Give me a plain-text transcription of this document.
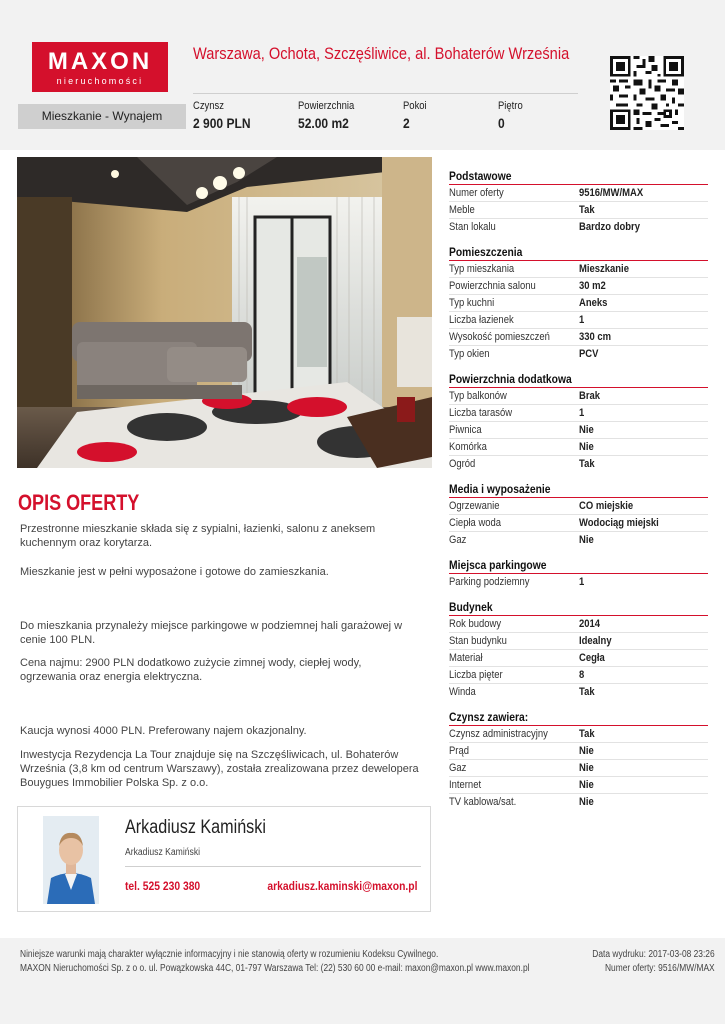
MAXON
nieruchomości
Warszawa, Ochota, Szczęśliwice, al. Bohaterów Września
Mieszkanie - Wynajem
Czynsz
2 900 PLN
Powierzchnia
52.00 m2
Pokoi
2
Piętro
0
OPIS OFERTY
Przestronne mieszkanie składa się z sypialni, łazienki, salonu z aneksem kuchennym oraz korytarza.
Mieszkanie jest w pełni wyposażone i gotowe do zamieszkania.
Do mieszkania przynależy miejsce parkingowe w podziemnej hali garażowej w cenie 100 PLN.
Cena najmu: 2900 PLN dodatkowo zużycie zimnej wody, ciepłej wody, ogrzewania oraz energia elektryczna.
Kaucja wynosi 4000 PLN. Preferowany najem okazjonalny.
Inwestycja Rezydencja La Tour znajduje się na Szczęśliwicach, ul. Bohaterów Września (3,8 km od centrum Warszawy), została zrealizowana przez dewelopera Bouygues Immobilier Polska Sp. z o.o.
Arkadiusz Kamiński
Arkadiusz Kamiński
tel. 525 230 380	arkadiusz.kaminski@maxon.pl
Podstawowe
Numer oferty	9516/MW/MAX
Meble	Tak
Stan lokalu	Bardzo dobry
Pomieszczenia
Typ mieszkania	Mieszkanie
Powierzchnia salonu	30 m2
Typ kuchni	Aneks
Liczba łazienek	1
Wysokość pomieszczeń	330 cm
Typ okien	PCV
Powierzchnia dodatkowa
Typ balkonów	Brak
Liczba tarasów	1
Piwnica	Nie
Komórka	Nie
Ogród	Tak
Media i wyposażenie
Ogrzewanie	CO miejskie
Ciepła woda	Wodociąg miejski
Gaz	Nie
Miejsca parkingowe
Parking podziemny	1
Budynek
Rok budowy	2014
Stan budynku	Idealny
Materiał	Cegła
Liczba pięter	8
Winda	Tak
Czynsz zawiera:
Czynsz administracyjny	Tak
Prąd	Nie
Gaz	Nie
Internet	Nie
TV kablowa/sat.	Nie
Niniejsze warunki mają charakter wyłącznie informacyjny i nie stanowią oferty w rozumieniu Kodeksu Cywilnego.
MAXON Nieruchomości Sp. z o o. ul. Powązkowska 44C, 01-797 Warszawa Tel: (22) 530 60 00 e-mail: maxon@maxon.pl www.maxon.pl
Data wydruku: 2017-03-08 23:26
Numer oferty: 9516/MW/MAX
